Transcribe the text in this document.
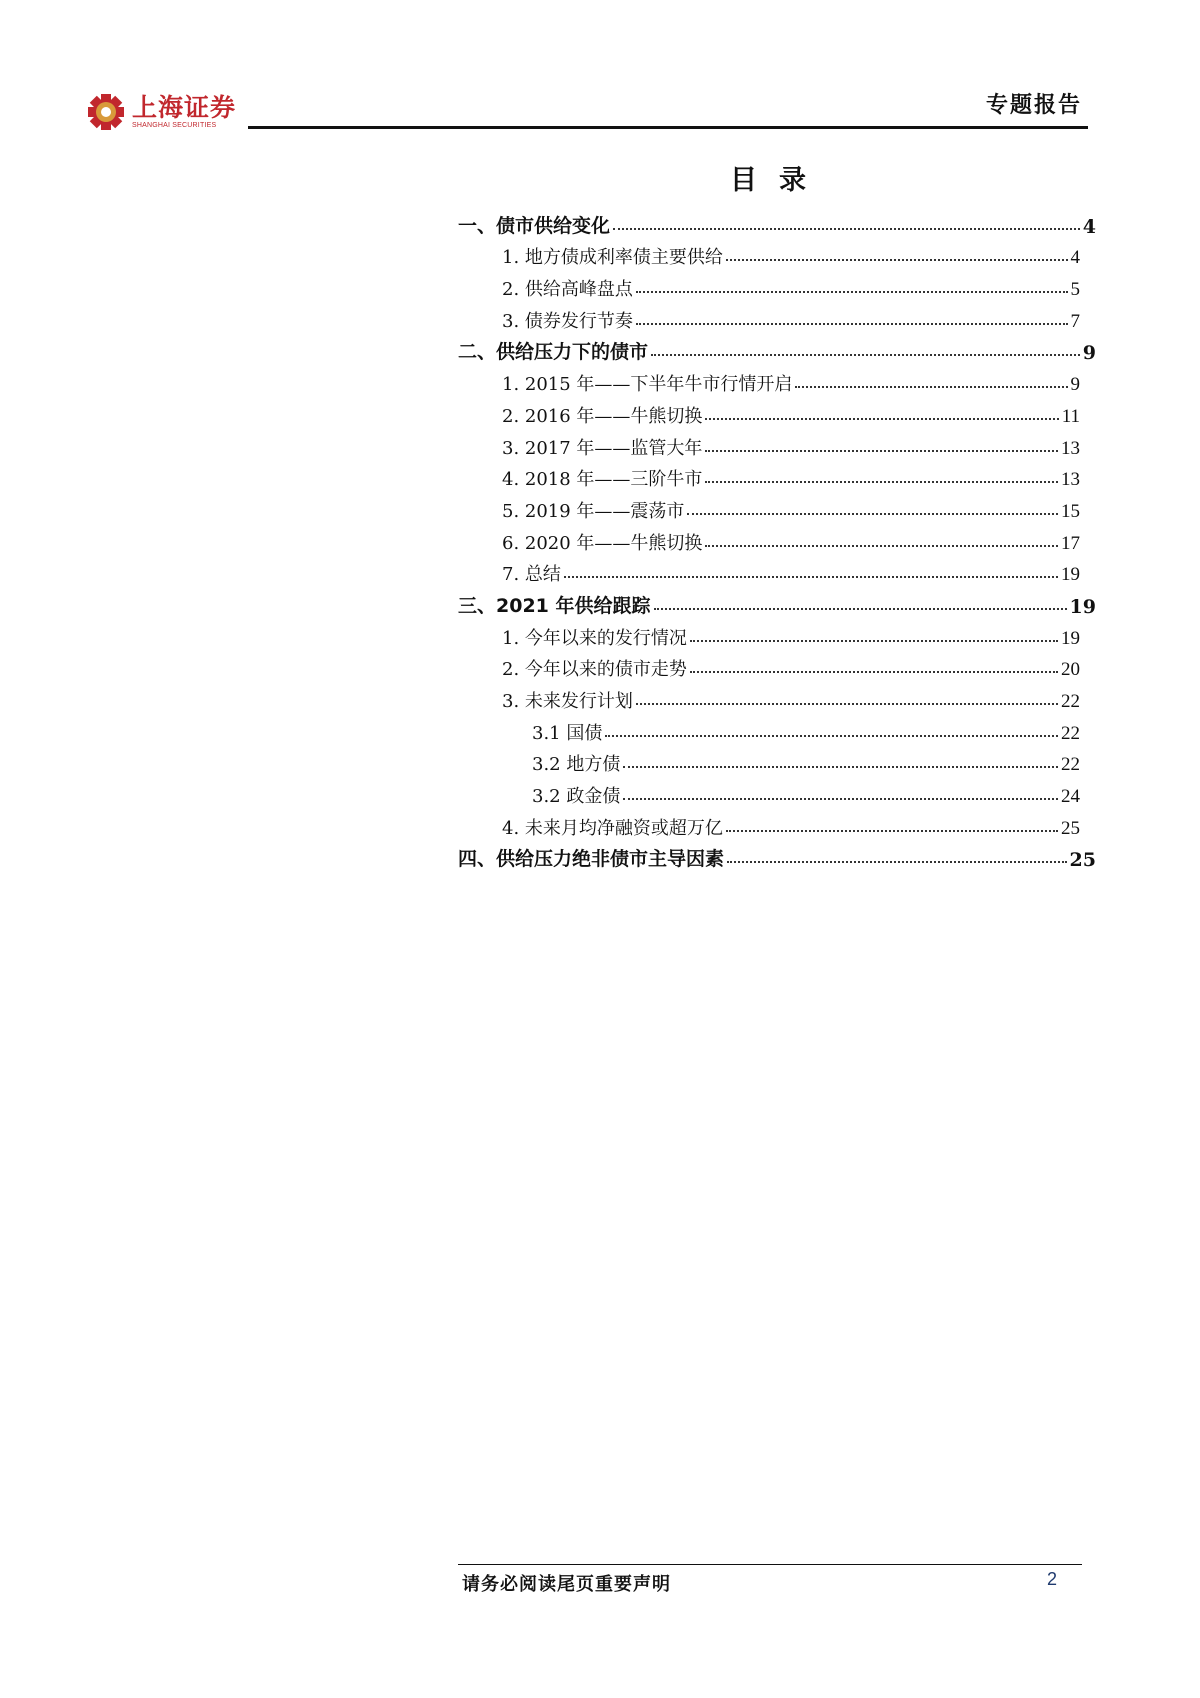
上海证券
SHANGHAI SECURITIES
专题报告
目录
一、债市供给变化	4
1. 地方债成利率债主要供给	4
2. 供给高峰盘点	5
3. 债券发行节奏	7
二、供给压力下的债市	9
1. 2015 年——下半年牛市行情开启	9
2. 2016 年——牛熊切换	11
3. 2017 年——监管大年	13
4. 2018 年——三阶牛市	13
5. 2019 年——震荡市	15
6. 2020 年——牛熊切换	17
7. 总结	19
三、2021 年供给跟踪	19
1. 今年以来的发行情况	19
2. 今年以来的债市走势	20
3. 未来发行计划	22
3.1 国债	22
3.2 地方债	22
3.2 政金债	24
4. 未来月均净融资或超万亿	25
四、供给压力绝非债市主导因素	25
请务必阅读尾页重要声明	2
